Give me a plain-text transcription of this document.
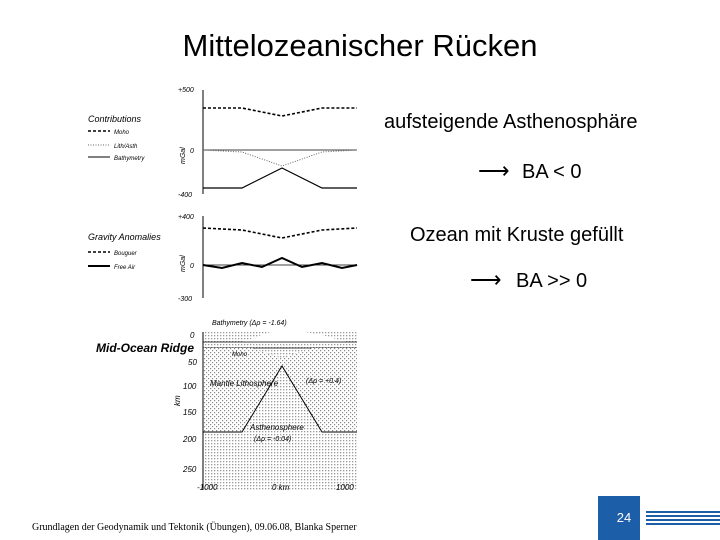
Mittelozeanischer Rücken
aufsteigende Asthenosphäre
⟶ BA < 0
Ozean mit Kruste gefüllt
⟶ BA >> 0
Contributions
Moho
Lith/Asth
Bathymetry
+500
0
-400
mGal
Gravity Anomalies
Bouguer
Free Air
+400
0
-300
mGal
0
50
100
150
200
250
km
Mid-Ocean Ridge
Bathymetry (Δρ = -1.64)
Moho
Mantle Lithosphere	(Δρ = +0.4)
Asthenosphere
(Δρ = -0.04)
-1000	0 km	1000
Grundlagen der Geodynamik und Tektonik (Übungen), 09.06.08, Blanka Sperner
24
